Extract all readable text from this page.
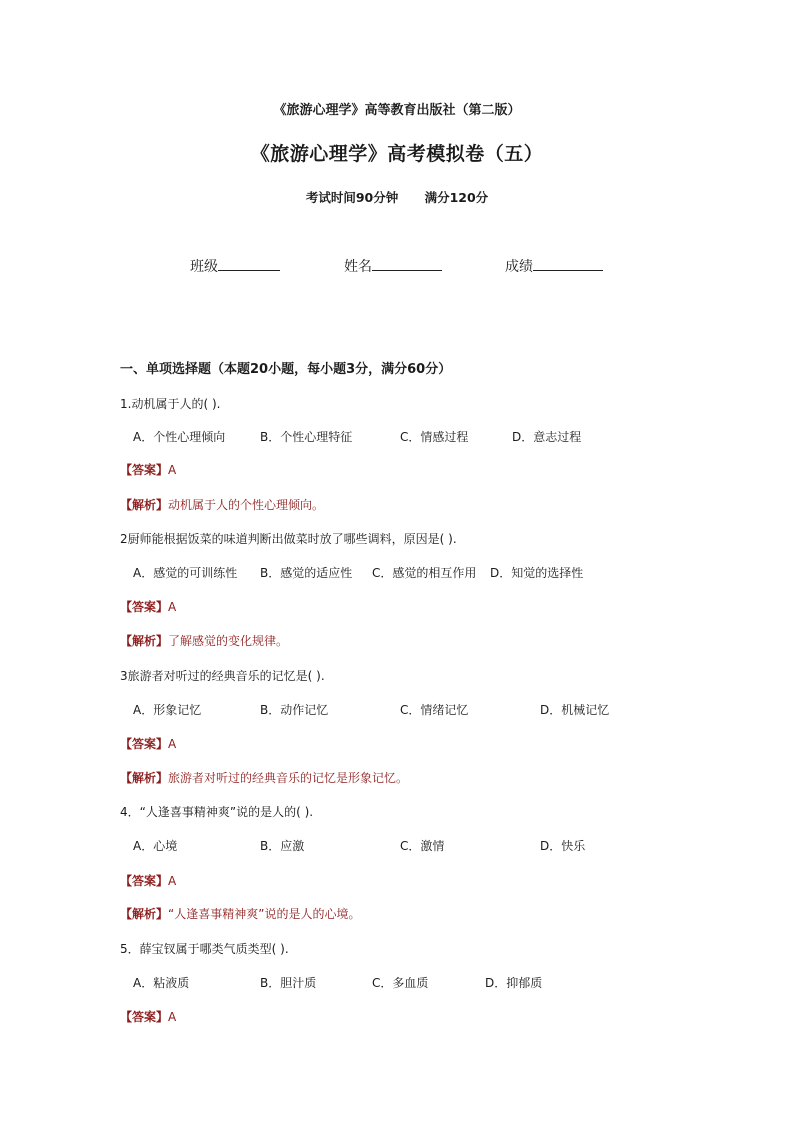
《旅游心理学》高等教育出版社（第二版）
《旅游心理学》高考模拟卷（五）
考试时间90分钟 满分120分
班级	姓名	成绩
一、单项选择题（本题20小题，每小题3分，满分60分）
1.动机属于人的( ).
A．个性心理倾向	B．个性心理特征	C．情感过程	D．意志过程
【答案】A
【解析】动机属于人的个性心理倾向。
2厨师能根据饭菜的味道判断出做菜时放了哪些调料，原因是( ).
A．感觉的可训练性 B．感觉的适应性 C．感觉的相互作用 D．知觉的选择性
【答案】A
【解析】了解感觉的变化规律。
3旅游者对听过的经典音乐的记忆是( ).
A．形象记忆	B．动作记忆	C．情绪记忆	D．机械记忆
【答案】A
【解析】旅游者对听过的经典音乐的记忆是形象记忆。
4．“人逢喜事精神爽”说的是人的( ).
A．心境	B．应激	C．激情	D．快乐
【答案】A
【解析】“人逢喜事精神爽”说的是人的心境。
5．薛宝钗属于哪类气质类型( ).
A．粘液质	B．胆汁质	C．多血质	D．抑郁质
【答案】A
